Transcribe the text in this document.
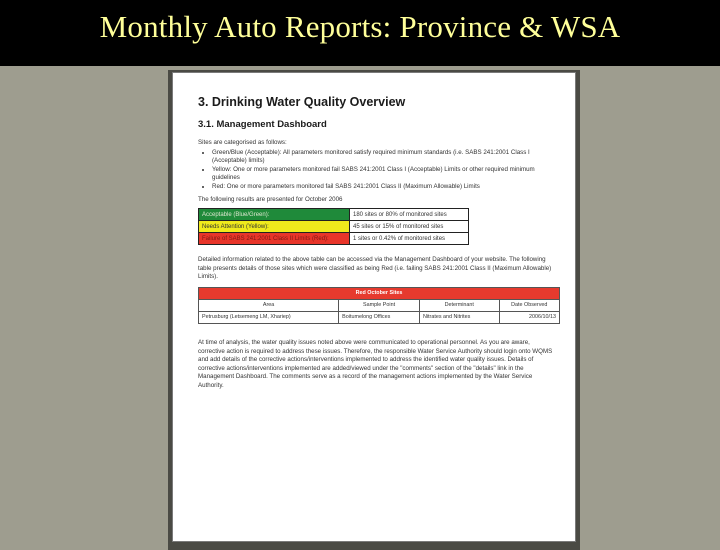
Monthly Auto Reports: Province & WSA
3. Drinking Water Quality Overview
3.1. Management Dashboard
Sites are categorised as follows:
• Green/Blue (Acceptable): All parameters monitored satisfy required minimum standards (i.e. SABS 241:2001 Class I (Acceptable) limits)
• Yellow: One or more parameters monitored fail SABS 241:2001 Class I (Acceptable) Limits or other required minimum guidelines
• Red: One or more parameters monitored fail SABS 241:2001 Class II (Maximum Allowable) Limits
The following results are presented for October 2006
Acceptable (Blue/Green):	180 sites or 80% of monitored sites
Needs Attention (Yellow):	45 sites or 15% of monitored sites
Failure of SABS 241:2001 Class II Limits (Red):	1 sites or 0.42% of monitored sites
Detailed information related to the above table can be accessed via the Management Dashboard of your website. The following table presents details of those sites which were classified as being Red (i.e. failing SABS 241:2001 Class II (Maximum Allowable) Limits).
Red October Sites			
Area	Sample Point	Determinant	Date Observed
Petrusburg (Letsemeng LM, Xhariep)	Boitumelong Offices	Nitrates and Nitrites	2006/10/13
At time of analysis, the water quality issues noted above were communicated to operational personnel. As you are aware, corrective action is required to address these issues. Therefore, the responsible Water Service Authority should login onto WQMS and add details of the corrective actions/interventions implemented to address the identified water quality issues. Details of corrective actions/interventions implemented are added/viewed under the "comments" section of the "details" link in the Management Dashboard. The comments serve as a record of the management actions implemented by the Water Service Authority.
